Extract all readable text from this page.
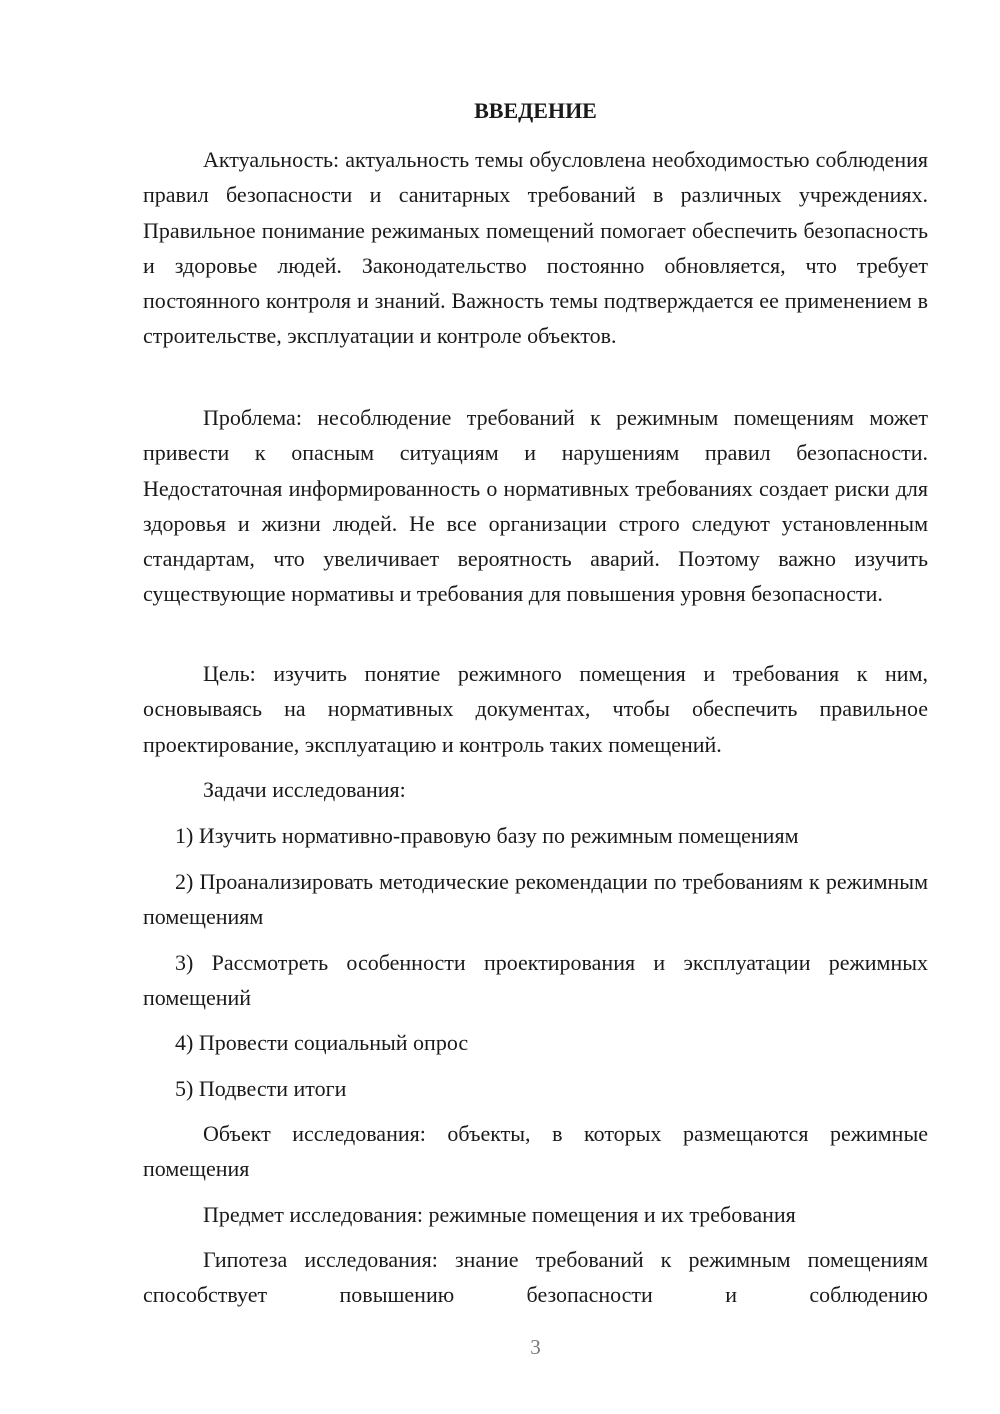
ВВЕДЕНИЕ

Актуальность: актуальность темы обусловлена необходимостью соблюдения правил безопасности и санитарных требований в различных учреждениях. Правильное понимание режиманых помещений помогает обеспечить безопасность и здоровье людей. Законодательство постоянно обновляется, что требует постоянного контроля и знаний. Важность темы подтверждается ее применением в строительстве, эксплуатации и контроле объектов.

Проблема: несоблюдение требований к режимным помещениям может привести к опасным ситуациям и нарушениям правил безопасности. Недостаточная информированность о нормативных требованиях создает риски для здоровья и жизни людей. Не все организации строго следуют установленным стандартам, что увеличивает вероятность аварий. Поэтому важно изучить существующие нормативы и требования для повышения уровня безопасности.

Цель: изучить понятие режимного помещения и требования к ним, основываясь на нормативных документах, чтобы обеспечить правильное проектирование, эксплуатацию и контроль таких помещений.

Задачи исследования:

1) Изучить нормативно-правовую базу по режимным помещениям

2) Проанализировать методические рекомендации по требованиям к режимным помещениям

3) Рассмотреть особенности проектирования и эксплуатации режимных помещений

4) Провести социальный опрос

5) Подвести итоги

Объект исследования: объекты, в которых размещаются режимные помещения

Предмет исследования: режимные помещения и их требования

Гипотеза исследования: знание требований к режимным помещениям способствует повышению безопасности и соблюдению

3
